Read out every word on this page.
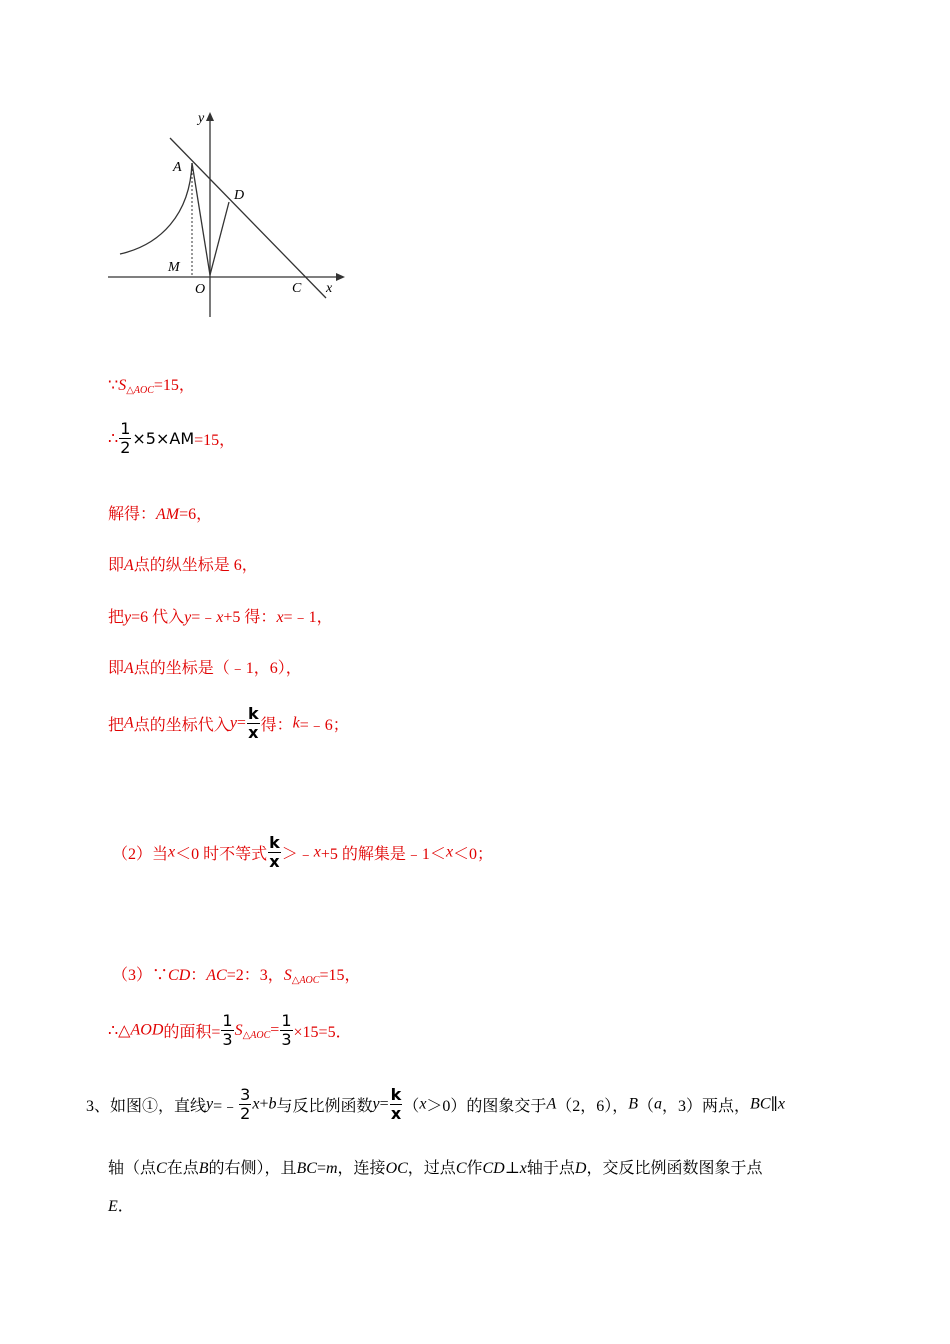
y
x
A
D
M
O	C
∵S△AOC=15，
∴ $\frac{1}{2} \times 5\times AM=15$，
解得：AM=6，
即A点的纵坐标是 6，
把y=6 代入y=﹣x+5 得：x=﹣1，
即A点的坐标是（﹣1，6），
把A点的坐标代入$y= \frac{k}{x}$ 得：k=﹣6；
（2）当x＜0 时不等式 $\frac{k}{x}$ ＞﹣x+5 的解集是﹣1＜x＜0；
（3）∵CD：AC=2：3，S△AOC=15，
∴△AOD的面积= $\frac{1}{3}$ S△AOC= $\frac{1}{3} \times 15=5$．
3、如图①，直线y=﹣ $\frac{3}{2} x+b$与反比例函数$y= \frac{k}{x} (x>0)$的图象交于A（2，6），B（a，3）两点，BC∥x
轴（点C在点B的右侧），且BC=m，连接OC，过点C作CD⊥x轴于点D，交反比例函数图象于点
E．
